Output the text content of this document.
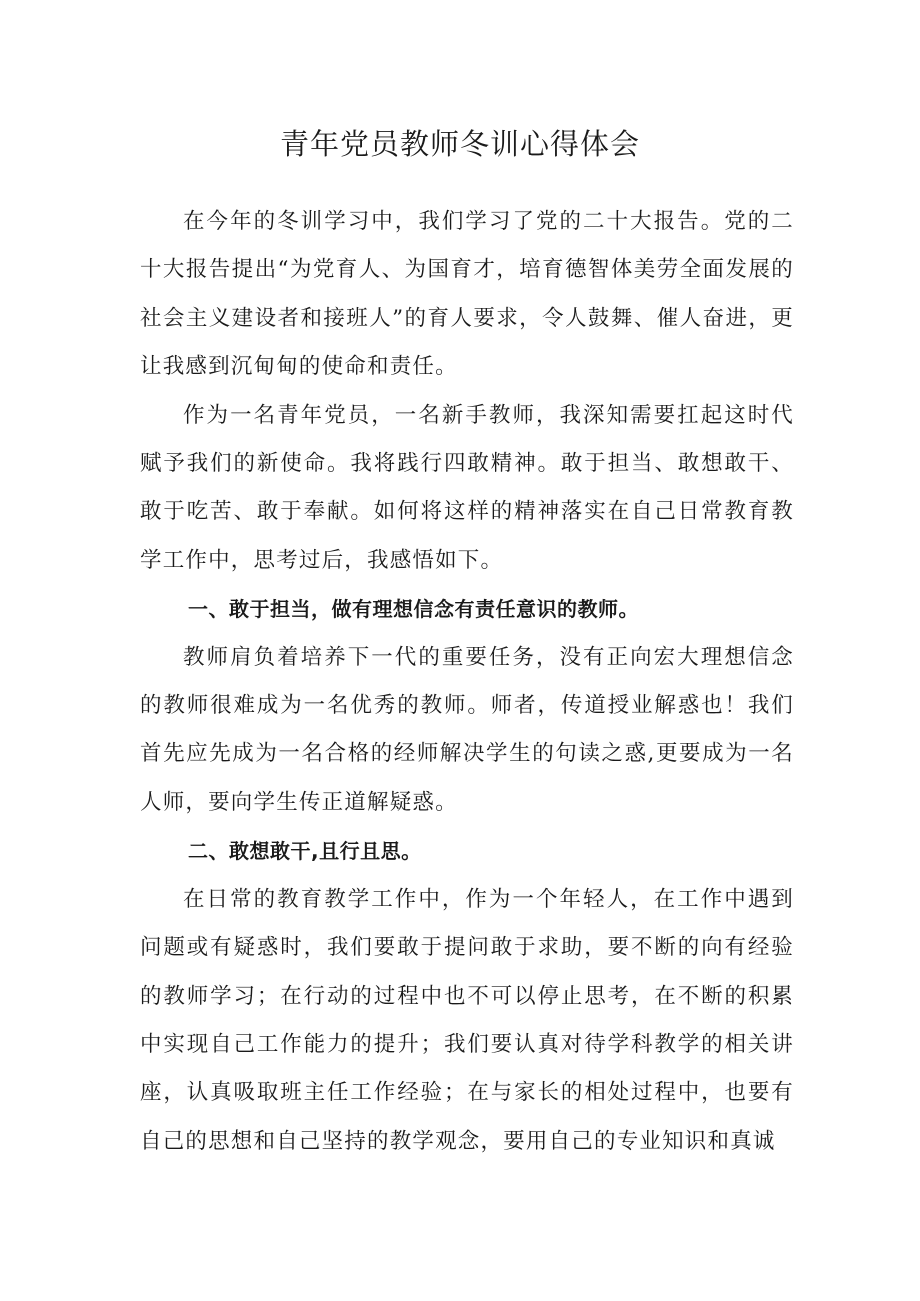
青年党员教师冬训心得体会

在今年的冬训学习中，我们学习了党的二十大报告。党的二十大报告提出“为党育人、为国育才，培育德智体美劳全面发展的社会主义建设者和接班人”的育人要求，令人鼓舞、催人奋进，更让我感到沉甸甸的使命和责任。

作为一名青年党员，一名新手教师，我深知需要扛起这时代赋予我们的新使命。我将践行四敢精神。敢于担当、敢想敢干、敢于吃苦、敢于奉献。如何将这样的精神落实在自己日常教育教学工作中，思考过后，我感悟如下。

一、敢于担当，做有理想信念有责任意识的教师。

教师肩负着培养下一代的重要任务，没有正向宏大理想信念的教师很难成为一名优秀的教师。师者，传道授业解惑也！我们首先应先成为一名合格的经师解决学生的句读之惑,更要成为一名人师，要向学生传正道解疑惑。

二、敢想敢干,且行且思。

在日常的教育教学工作中，作为一个年轻人，在工作中遇到问题或有疑惑时，我们要敢于提问敢于求助，要不断的向有经验的教师学习；在行动的过程中也不可以停止思考，在不断的积累中实现自己工作能力的提升；我们要认真对待学科教学的相关讲座，认真吸取班主任工作经验；在与家长的相处过程中，也要有自己的思想和自己坚持的教学观念，要用自己的专业知识和真诚
